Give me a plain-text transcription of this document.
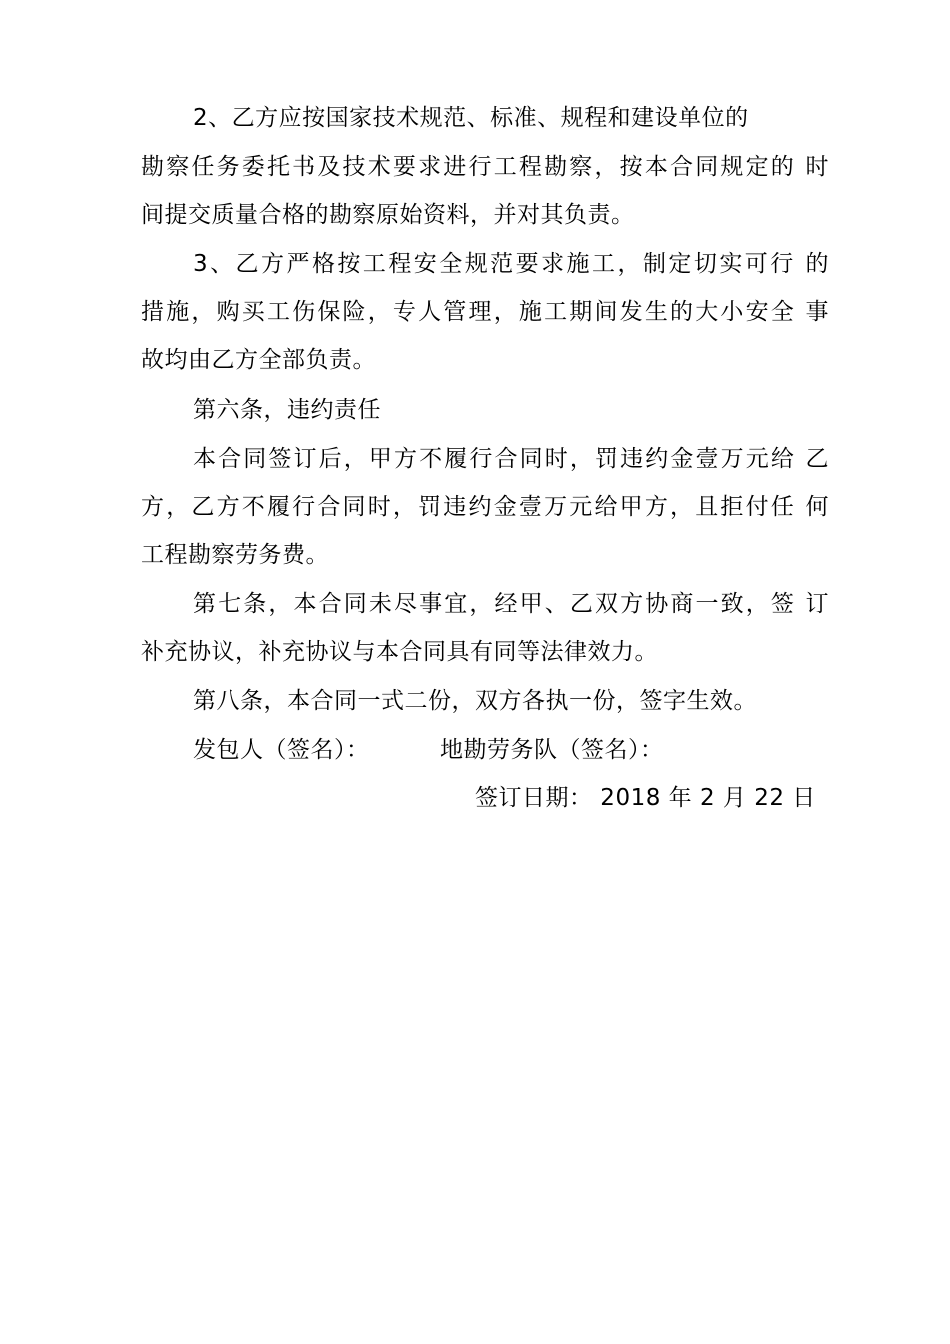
2、乙方应按国家技术规范、标准、规程和建设单位的
勘察任务委托书及技术要求进行工程勘察，按本合同规定的 时
间提交质量合格的勘察原始资料，并对其负责。
3、乙方严格按工程安全规范要求施工，制定切实可行 的
措施，购买工伤保险，专人管理，施工期间发生的大小安全 事
故均由乙方全部负责。
第六条，违约责任
本合同签订后，甲方不履行合同时，罚违约金壹万元给 乙
方，乙方不履行合同时，罚违约金壹万元给甲方，且拒付任 何
工程勘察劳务费。
第七条，本合同未尽事宜，经甲、乙双方协商一致，签 订
补充协议，补充协议与本合同具有同等法律效力。
第八条，本合同一式二份，双方各执一份，签字生效。
发包人（签名）：	地勘劳务队（签名）：
签订日期： 2018 年 2 月 22 日
